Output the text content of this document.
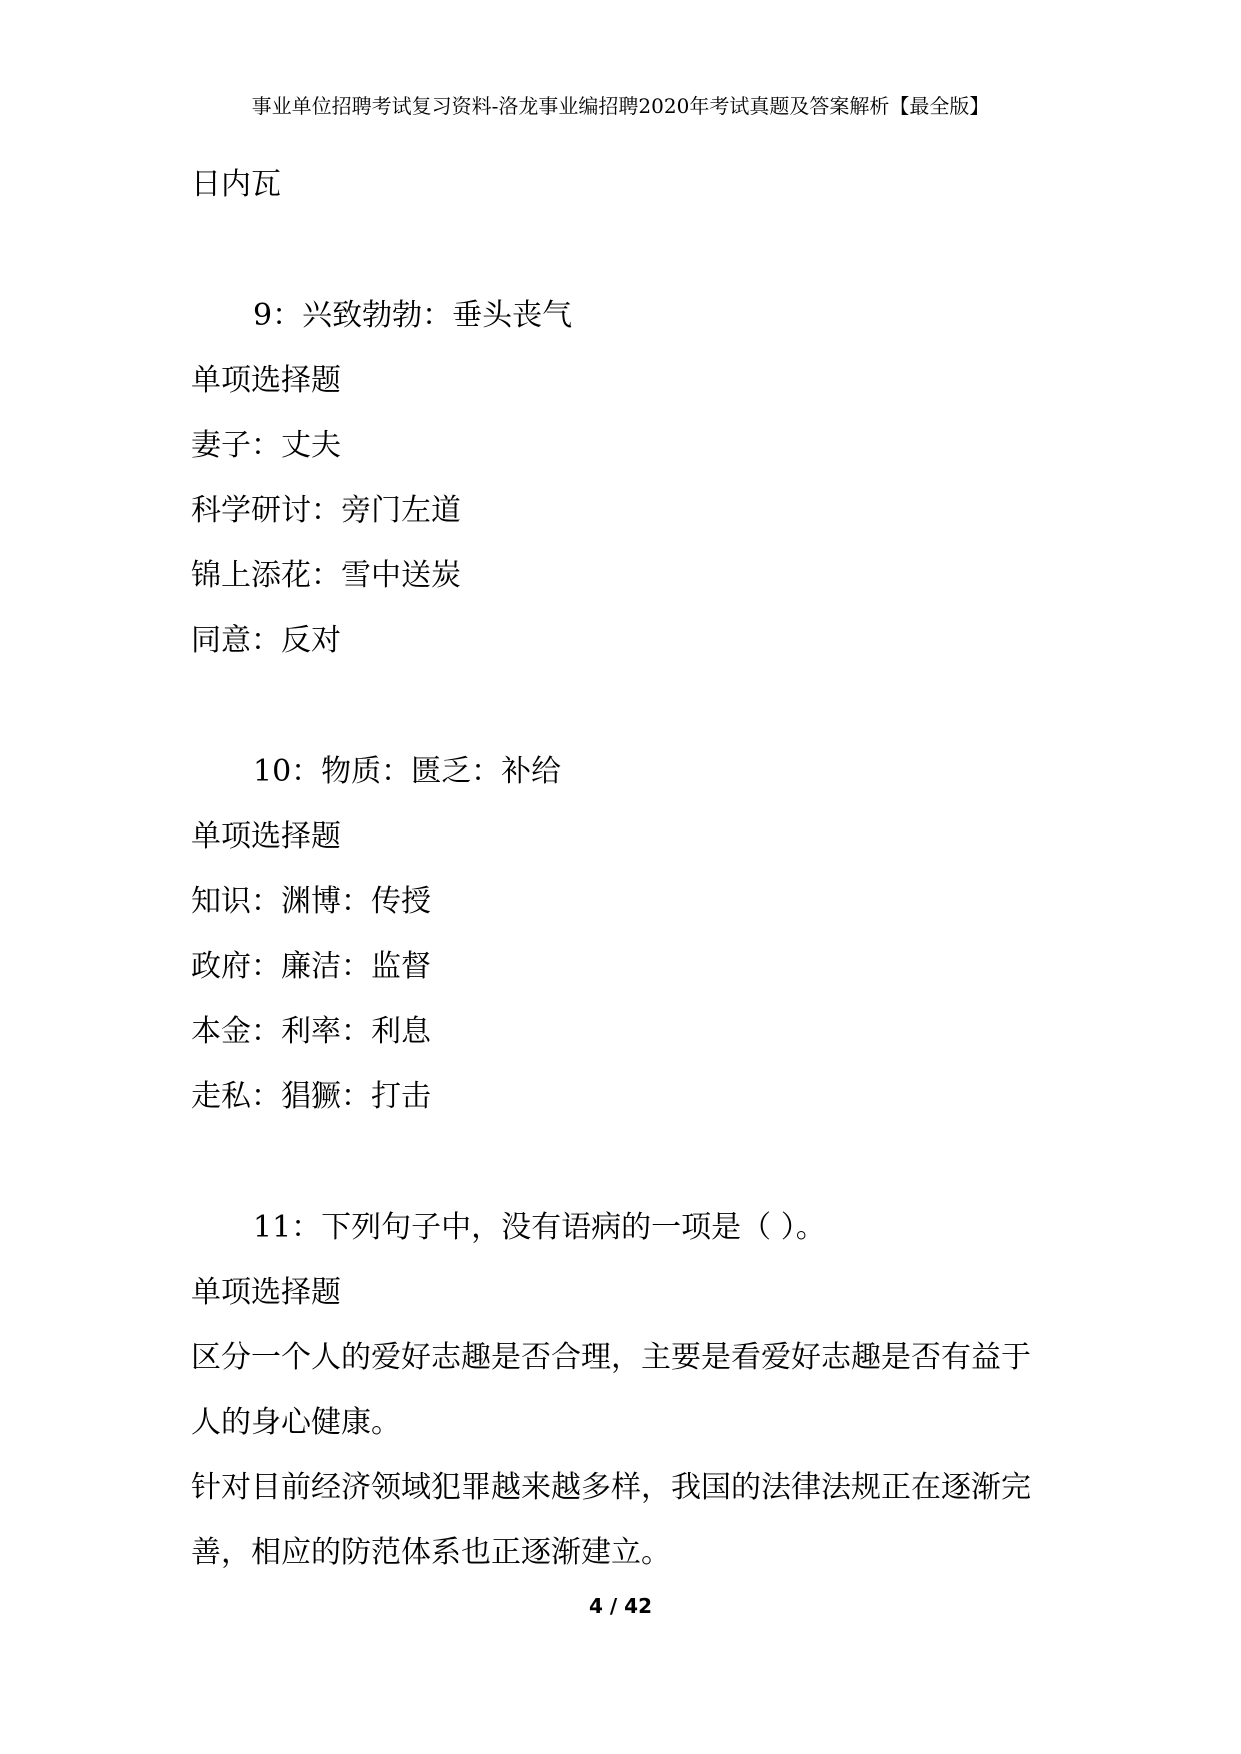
事业单位招聘考试复习资料-洛龙事业编招聘2020年考试真题及答案解析【最全版】
日内瓦
9：兴致勃勃：垂头丧气
单项选择题
妻子：丈夫
科学研讨：旁门左道
锦上添花：雪中送炭
同意：反对
10：物质：匮乏：补给
单项选择题
知识：渊博：传授
政府：廉洁：监督
本金：利率：利息
走私：猖獗：打击
11：下列句子中，没有语病的一项是（ ）。
单项选择题
区分一个人的爱好志趣是否合理，主要是看爱好志趣是否有益于
人的身心健康。
针对目前经济领域犯罪越来越多样，我国的法律法规正在逐渐完
善，相应的防范体系也正逐渐建立。
4 / 42
